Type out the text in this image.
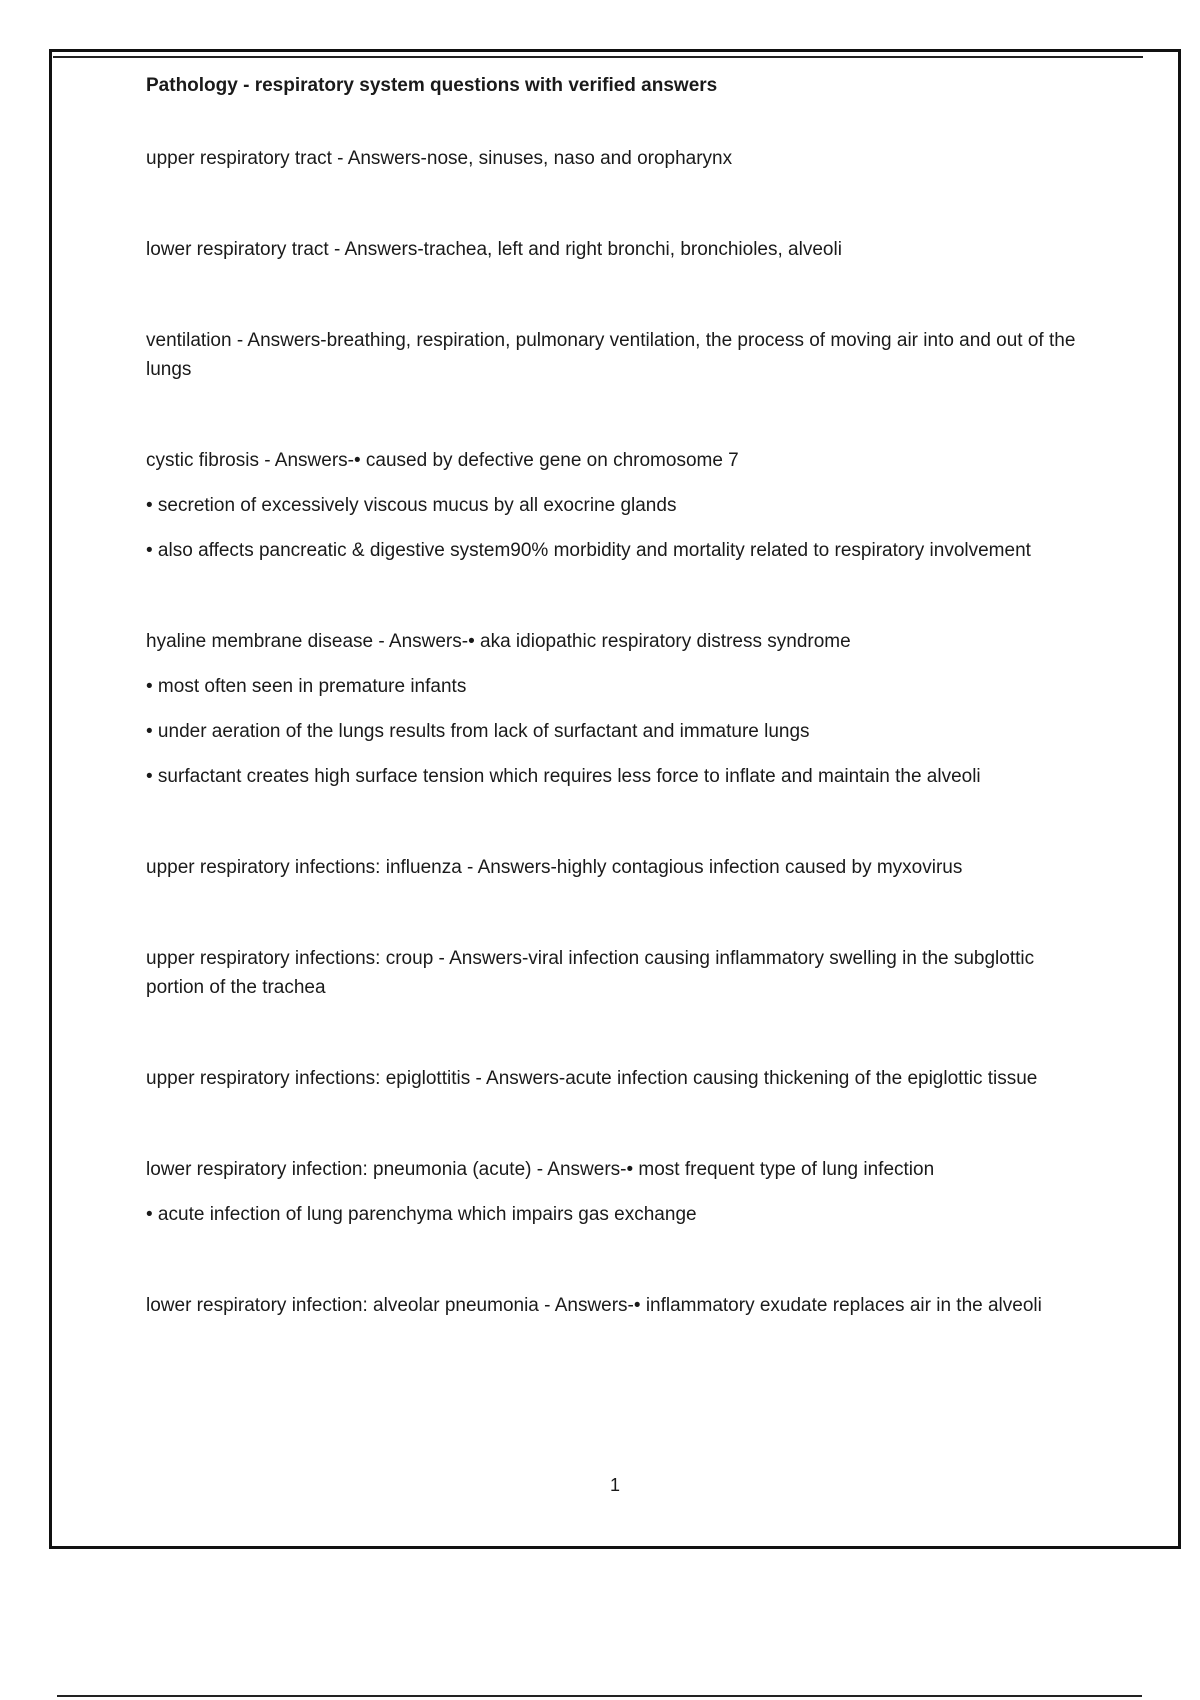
Pathology - respiratory system questions with verified answers
upper respiratory tract - Answers-nose, sinuses, naso and oropharynx
lower respiratory tract - Answers-trachea, left and right bronchi, bronchioles, alveoli
ventilation - Answers-breathing, respiration, pulmonary ventilation, the process of moving air into and out of the lungs
cystic fibrosis - Answers-• caused by defective gene on chromosome 7
• secretion of excessively viscous mucus by all exocrine glands
• also affects pancreatic & digestive system90% morbidity and mortality related to respiratory involvement
hyaline membrane disease - Answers-• aka idiopathic respiratory distress syndrome
• most often seen in premature infants
• under aeration of the lungs results from lack of surfactant and immature lungs
• surfactant creates high surface tension which requires less force to inflate and maintain the alveoli
upper respiratory infections: influenza - Answers-highly contagious infection caused by myxovirus
upper respiratory infections: croup - Answers-viral infection causing inflammatory swelling in the subglottic portion of the trachea
upper respiratory infections: epiglottitis - Answers-acute infection causing thickening of the epiglottic tissue
lower respiratory infection: pneumonia (acute) - Answers-• most frequent type of lung infection
• acute infection of lung parenchyma which impairs gas exchange
lower respiratory infection: alveolar pneumonia - Answers-• inflammatory exudate replaces air in the alveoli
1
